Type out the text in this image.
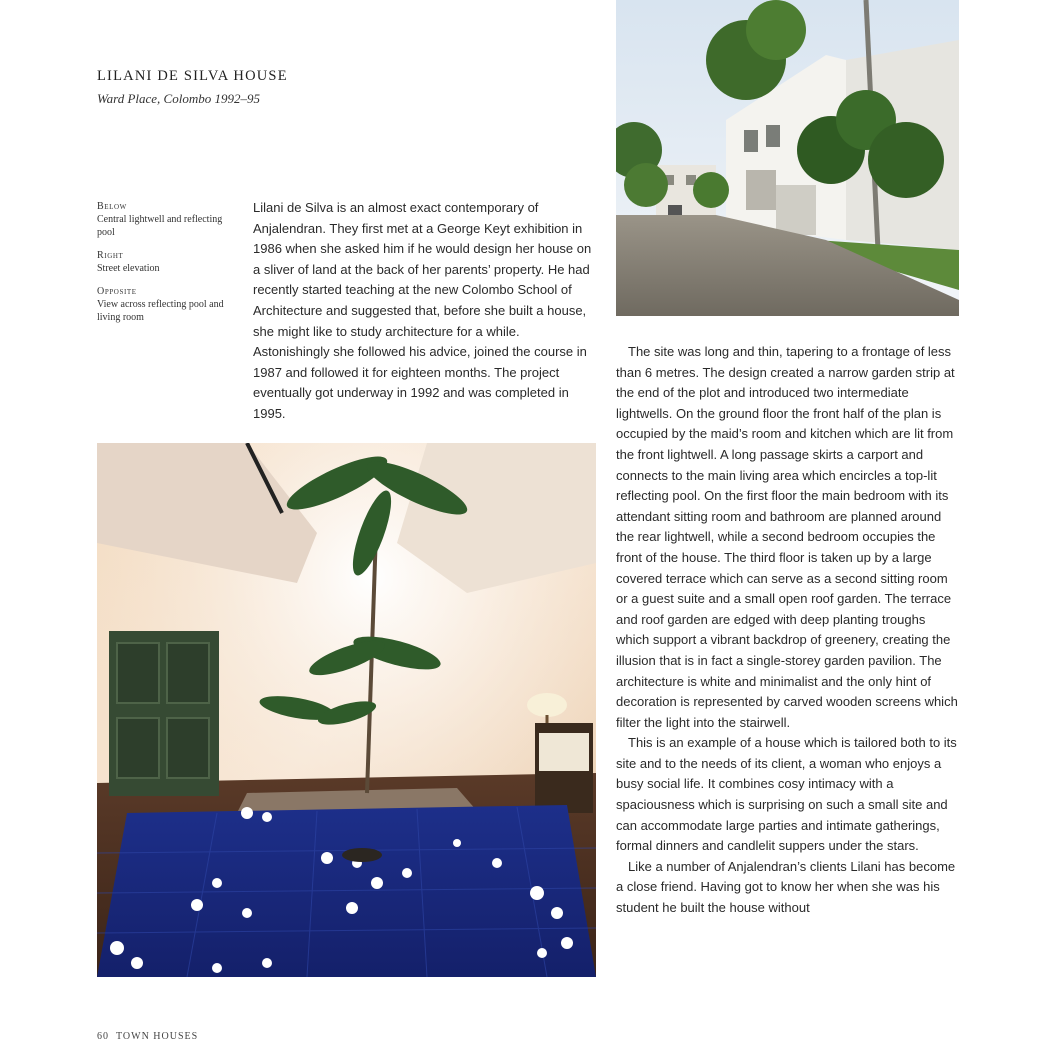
LILANI DE SILVA HOUSE
Ward Place, Colombo 1992–95
Below
Central lightwell and reflecting pool
Right
Street elevation
Opposite
View across reflecting pool and living room

Lilani de Silva is an almost exact contemporary of Anjalendran. They first met at a George Keyt exhibition in 1986 when she asked him if he would design her house on a sliver of land at the back of her parents’ property. He had recently started teaching at the new Colombo School of Architecture and suggested that, before she built a house, she might like to study architecture for a while. Astonishingly she followed his advice, joined the course in 1987 and followed it for eighteen months. The project eventually got underway in 1992 and was completed in 1995.

The site was long and thin, tapering to a frontage of less than 6 metres. The design created a narrow garden strip at the end of the plot and introduced two intermediate lightwells. On the ground floor the front half of the plan is occupied by the maid’s room and kitchen which are lit from the front lightwell. A long passage skirts a carport and connects to the main living area which encircles a top-lit reflecting pool. On the first floor the main bedroom with its attendant sitting room and bathroom are planned around the rear lightwell, while a second bedroom occupies the front of the house. The third floor is taken up by a large covered terrace which can serve as a second sitting room or a guest suite and a small open roof garden. The terrace and roof garden are edged with deep planting troughs which support a vibrant backdrop of greenery, creating the illusion that is in fact a single-storey garden pavilion. The architecture is white and minimalist and the only hint of decoration is represented by carved wooden screens which filter the light into the stairwell.

This is an example of a house which is tailored both to its site and to the needs of its client, a woman who enjoys a busy social life. It combines cosy intimacy with a spaciousness which is surprising on such a small site and can accommodate large parties and intimate gatherings, formal dinners and candlelit suppers under the stars.

Like a number of Anjalendran’s clients Lilani has become a close friend. Having got to know her when she was his student he built the house without

60 TOWN HOUSES
